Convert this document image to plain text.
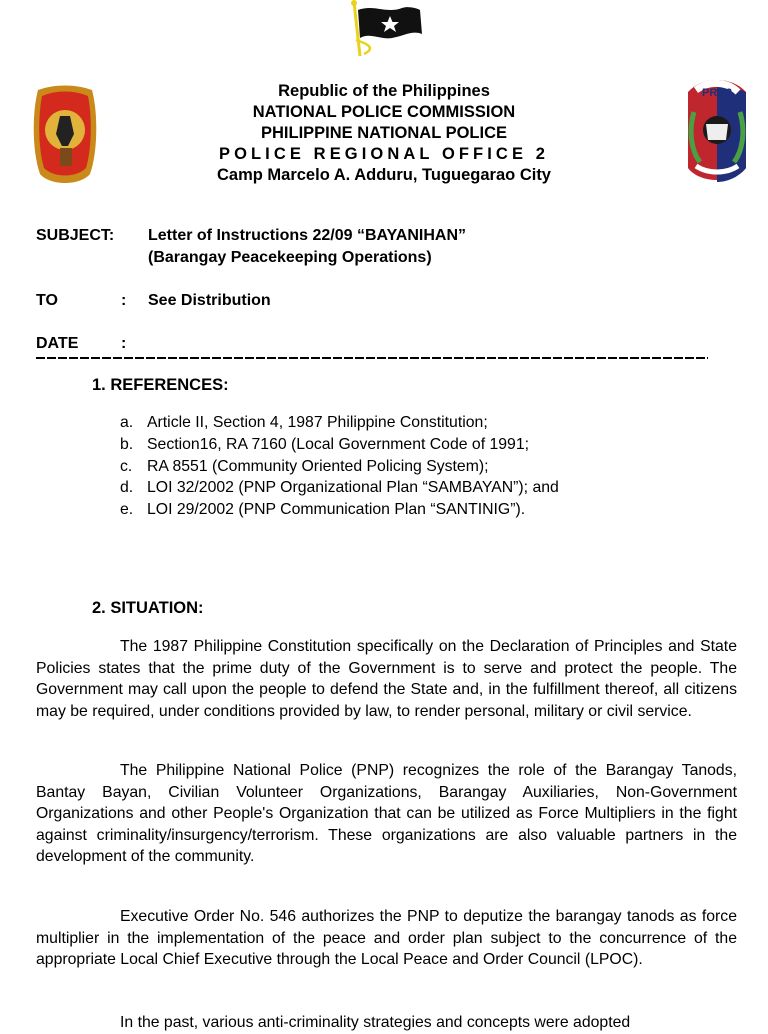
PRO2
Republic of the Philippines
NATIONAL POLICE COMMISSION
PHILIPPINE NATIONAL POLICE
POLICE REGIONAL OFFICE 2
Camp Marcelo A. Adduru, Tuguegarao City
SUBJECT: Letter of Instructions 22/09 “BAYANIHAN”
(Barangay Peacekeeping Operations)
TO	: See Distribution
DATE	:
1. REFERENCES:
a. Article II, Section 4, 1987 Philippine Constitution;
b. Section16, RA 7160 (Local Government Code of 1991;
c. RA 8551 (Community Oriented Policing System);
d. LOI 32/2002 (PNP Organizational Plan “SAMBAYAN”); and
e. LOI 29/2002 (PNP Communication Plan “SANTINIG”).
2. SITUATION:

The 1987 Philippine Constitution specifically on the Declaration of Principles and State Policies states that the prime duty of the Government is to serve and protect the people. The Government may call upon the people to defend the State and, in the fulfillment thereof, all citizens may be required, under conditions provided by law, to render personal, military or civil service.

The Philippine National Police (PNP) recognizes the role of the Barangay Tanods, Bantay Bayan, Civilian Volunteer Organizations, Barangay Auxiliaries, Non-Government Organizations and other People's Organization that can be utilized as Force Multipliers in the fight against criminality/insurgency/terrorism. These organizations are also valuable partners in the development of the community.

Executive Order No. 546 authorizes the PNP to deputize the barangay tanods as force multiplier in the implementation of the peace and order plan subject to the concurrence of the appropriate Local Chief Executive through the Local Peace and Order Council (LPOC).

In the past, various anti-criminality strategies and concepts were adopted
